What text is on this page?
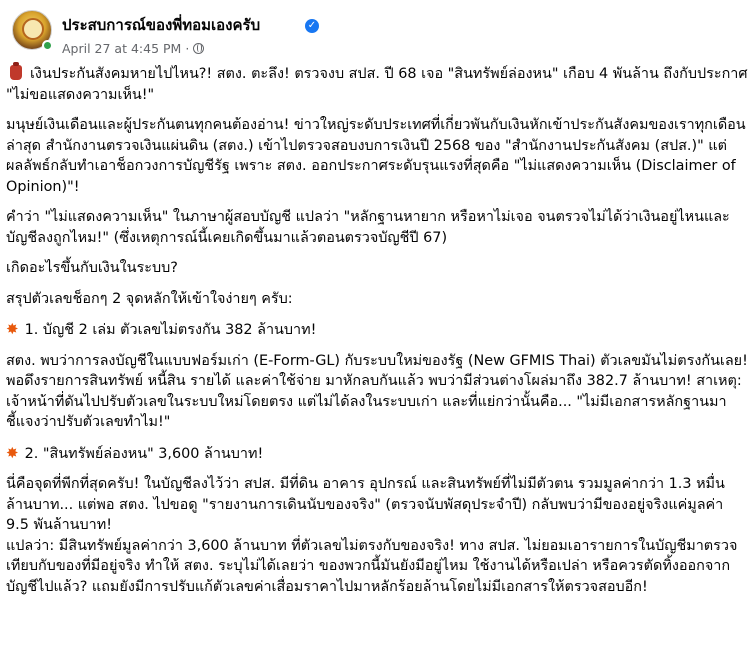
ประสบการณ์ของพี่ทอมเองครับ	✓
April 27 at 4:45 PM ·
เงินประกันสังคมหายไปไหน?! สตง. ตะลึง! ตรวจงบ สปส. ปี 68 เจอ "สินทรัพย์ล่องหน" เกือบ 4 พันล้าน ถึงกับประกาศ "ไม่ขอแสดงความเห็น!"
มนุษย์เงินเดือนและผู้ประกันตนทุกคนต้องอ่าน! ข่าวใหญ่ระดับประเทศที่เกี่ยวพันกับเงินหักเข้าประกันสังคมของเราทุกเดือน ล่าสุด สำนักงานตรวจเงินแผ่นดิน (สตง.) เข้าไปตรวจสอบงบการเงินปี 2568 ของ "สำนักงานประกันสังคม (สปส.)" แต่ผลลัพธ์กลับทำเอาช็อกวงการบัญชีรัฐ เพราะ สตง. ออกประกาศระดับรุนแรงที่สุดคือ "ไม่แสดงความเห็น (Disclaimer of Opinion)"!
คำว่า "ไม่แสดงความเห็น" ในภาษาผู้สอบบัญชี แปลว่า "หลักฐานหายาก หรือหาไม่เจอ จนตรวจไม่ได้ว่าเงินอยู่ไหนและบัญชีลงถูกไหม!" (ซึ่งเหตุการณ์นี้เคยเกิดขึ้นมาแล้วตอนตรวจบัญชีปี 67)
เกิดอะไรขึ้นกับเงินในระบบ?
สรุปตัวเลขช็อกๆ 2 จุดหลักให้เข้าใจง่ายๆ ครับ:
✸ 1. บัญชี 2 เล่ม ตัวเลขไม่ตรงกัน 382 ล้านบาท!
สตง. พบว่าการลงบัญชีในแบบฟอร์มเก่า (E-Form-GL) กับระบบใหม่ของรัฐ (New GFMIS Thai) ตัวเลขมันไม่ตรงกันเลย! พอดึงรายการสินทรัพย์ หนี้สิน รายได้ และค่าใช้จ่าย มาหักลบกันแล้ว พบว่ามีส่วนต่างโผล่มาถึง 382.7 ล้านบาท! สาเหตุ: เจ้าหน้าที่ดันไปปรับตัวเลขในระบบใหม่โดยตรง แต่ไม่ได้ลงในระบบเก่า และที่แย่กว่านั้นคือ... "ไม่มีเอกสารหลักฐานมาชี้แจงว่าปรับตัวเลขทำไม!"
✸ 2. "สินทรัพย์ล่องหน" 3,600 ล้านบาท!
นี่คือจุดที่พีกที่สุดครับ! ในบัญชีลงไว้ว่า สปส. มีที่ดิน อาคาร อุปกรณ์ และสินทรัพย์ที่ไม่มีตัวตน รวมมูลค่ากว่า 1.3 หมื่นล้านบาท... แต่พอ สตง. ไปขอดู "รายงานการเดินนับของจริง" (ตรวจนับพัสดุประจำปี) กลับพบว่ามีของอยู่จริงแค่มูลค่า 9.5 พันล้านบาท!
แปลว่า: มีสินทรัพย์มูลค่ากว่า 3,600 ล้านบาท ที่ตัวเลขไม่ตรงกับของจริง! ทาง สปส. ไม่ยอมเอารายการในบัญชีมาตรวจเทียบกับของที่มีอยู่จริง ทำให้ สตง. ระบุไม่ได้เลยว่า ของพวกนี้มันยังมีอยู่ไหม ใช้งานได้หรือเปล่า หรือควรตัดทิ้งออกจากบัญชีไปแล้ว? แถมยังมีการปรับแก้ตัวเลขค่าเสื่อมราคาไปมาหลักร้อยล้านโดยไม่มีเอกสารให้ตรวจสอบอีก!
